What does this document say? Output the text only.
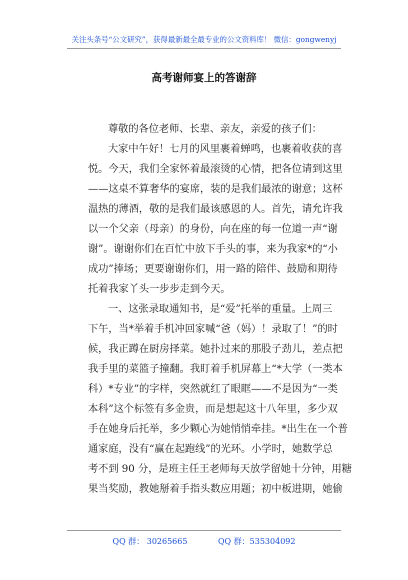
关注头条号“公文研究”，获得最新最全最专业的公文资料库！ 微信：gongwenyj
高考谢师宴上的答谢辞
尊敬的各位老师、长辈、亲友，亲爱的孩子们：
大家中午好！七月的风里裹着蝉鸣，也裹着收获的喜
悦。今天，我们全家怀着最滚烫的心情，把各位请到这里
——这桌不算奢华的宴席，装的是我们最浓的谢意；这杯
温热的薄酒，敬的是我们最该感恩的人。首先，请允许我
以一个父亲（母亲）的身份，向在座的每一位道一声“谢
谢”。谢谢你们在百忙中放下手头的事，来为我家*的“小
成功”捧场；更要谢谢你们，用一路的陪伴、鼓励和期待
托着我家丫头一步步走到今天。
一、这张录取通知书，是“爱”托举的重量。上周三
下午，当*举着手机冲回家喊“爸（妈）！录取了！”的时
候，我正蹲在厨房择菜。她扑过来的那股子劲儿，差点把
我手里的菜篮子撞翻。我盯着手机屏幕上“*大学（一类本
科）*专业”的字样，突然就红了眼眶——不是因为“一类
本科”这个标签有多金贵，而是想起这十八年里，多少双
手在她身后托举，多少颗心为她悄悄牵挂。*出生在一个普
通家庭，没有“赢在起跑线”的光环。小学时，她数学总
考不到 90 分，是班主任王老师每天放学留她十分钟，用糖
果当奖励，教她掰着手指头数应用题；初中板进期，她偷
QQ 群： 30265665	QQ 群：535304092
